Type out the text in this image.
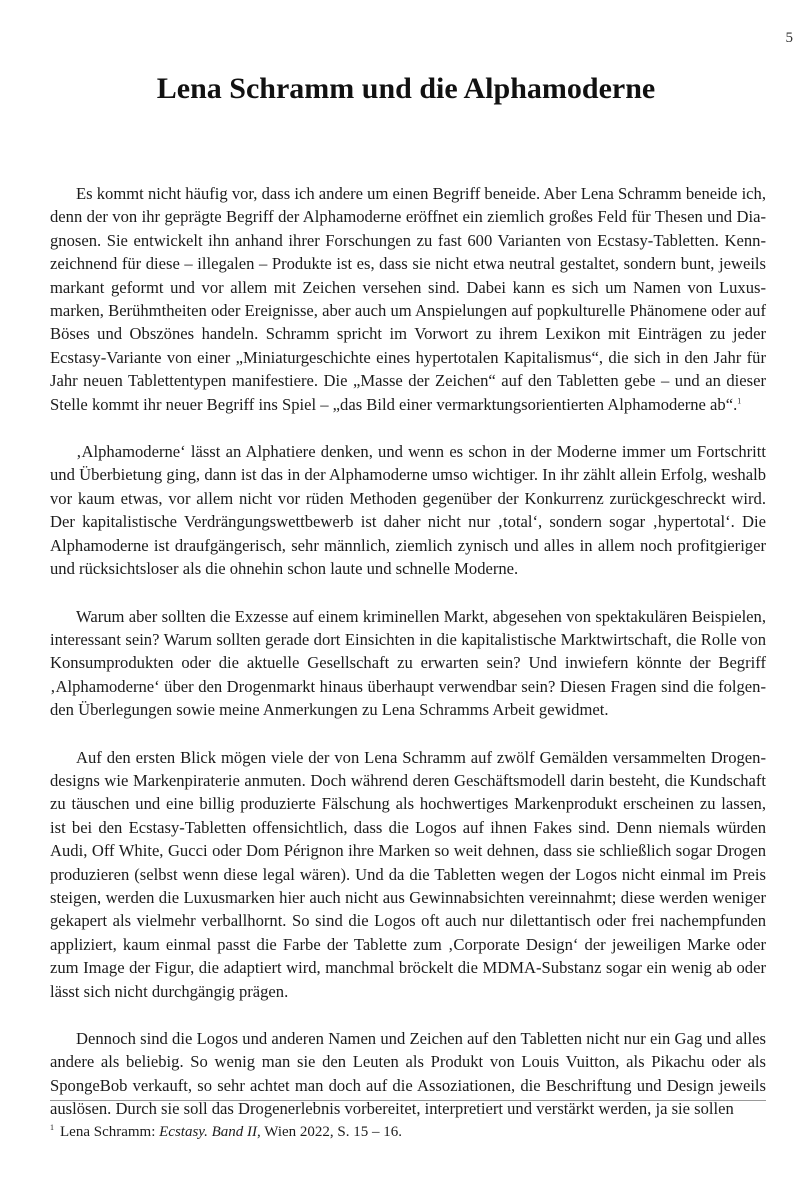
5
Lena Schramm und die Alphamoderne

Es kommt nicht häufig vor, dass ich andere um einen Begriff beneide. Aber Lena Schramm beneide ich, denn der von ihr geprägte Begriff der Alphamoderne eröffnet ein ziemlich großes Feld für Thesen und Diagnosen. Sie entwickelt ihn anhand ihrer Forschungen zu fast 600 Varianten von Ecstasy-Tabletten. Kennzeichnend für diese – illegalen – Produkte ist es, dass sie nicht etwa neutral gestaltet, sondern bunt, jeweils markant geformt und vor allem mit Zeichen versehen sind. Dabei kann es sich um Namen von Luxusmarken, Berühmtheiten oder Ereignisse, aber auch um Anspielungen auf popkulturelle Phänomene oder auf Böses und Obszönes handeln. Schramm spricht im Vorwort zu ihrem Lexikon mit Einträgen zu jeder Ecstasy-Variante von einer „Miniaturgeschichte eines hypertotalen Kapitalismus“, die sich in den Jahr für Jahr neuen Tablettentypen manifestiere. Die „Masse der Zeichen“ auf den Tabletten gebe – und an dieser Stelle kommt ihr neuer Begriff ins Spiel – „das Bild einer vermarktungsorientierten Alphamoderne ab“.$^1$

‚Alphamoderne‘ lässt an Alphatiere denken, und wenn es schon in der Moderne immer um Fortschritt und Überbietung ging, dann ist das in der Alphamoderne umso wichtiger. In ihr zählt allein Erfolg, weshalb vor kaum etwas, vor allem nicht vor rüden Methoden gegenüber der Konkurrenz zurückgeschreckt wird. Der kapitalistische Verdrängungswettbewerb ist daher nicht nur ‚total‘, sondern sogar ‚hypertotal‘. Die Alphamoderne ist draufgängerisch, sehr männlich, ziemlich zynisch und alles in allem noch profitgieriger und rücksichtsloser als die ohnehin schon laute und schnelle Moderne.

Warum aber sollten die Exzesse auf einem kriminellen Markt, abgesehen von spektakulären Beispielen, interessant sein? Warum sollten gerade dort Einsichten in die kapitalistische Marktwirtschaft, die Rolle von Konsumprodukten oder die aktuelle Gesellschaft zu erwarten sein? Und inwiefern könnte der Begriff ‚Alphamoderne‘ über den Drogenmarkt hinaus überhaupt verwendbar sein? Diesen Fragen sind die folgenden Überlegungen sowie meine Anmerkungen zu Lena Schramms Arbeit gewidmet.

Auf den ersten Blick mögen viele der von Lena Schramm auf zwölf Gemälden versammelten Drogendesigns wie Markenpiraterie anmuten. Doch während deren Geschäftsmodell darin besteht, die Kundschaft zu täuschen und eine billig produzierte Fälschung als hochwertiges Markenprodukt erscheinen zu lassen, ist bei den Ecstasy-Tabletten offensichtlich, dass die Logos auf ihnen Fakes sind. Denn niemals würden Audi, Off White, Gucci oder Dom Pérignon ihre Marken so weit dehnen, dass sie schließlich sogar Drogen produzieren (selbst wenn diese legal wären). Und da die Tabletten wegen der Logos nicht einmal im Preis steigen, werden die Luxusmarken hier auch nicht aus Gewinnabsichten vereinnahmt; diese werden weniger gekapert als vielmehr verballhornt. So sind die Logos oft auch nur dilettantisch oder frei nachempfunden appliziert, kaum einmal passt die Farbe der Tablette zum ‚Corporate Design‘ der jeweiligen Marke oder zum Image der Figur, die adaptiert wird, manchmal bröckelt die MDMA-Substanz sogar ein wenig ab oder lässt sich nicht durchgängig prägen.

Dennoch sind die Logos und anderen Namen und Zeichen auf den Tabletten nicht nur ein Gag und alles andere als beliebig. So wenig man sie den Leuten als Produkt von Louis Vuitton, als Pikachu oder als SpongeBob verkauft, so sehr achtet man doch auf die Assoziationen, die Beschriftung und Design jeweils auslösen. Durch sie soll das Drogenerlebnis vorbereitet, interpretiert und verstärkt werden, ja sie sollen

$^1$ Lena Schramm: Ecstasy. Band II, Wien 2022, S. 15 – 16.
